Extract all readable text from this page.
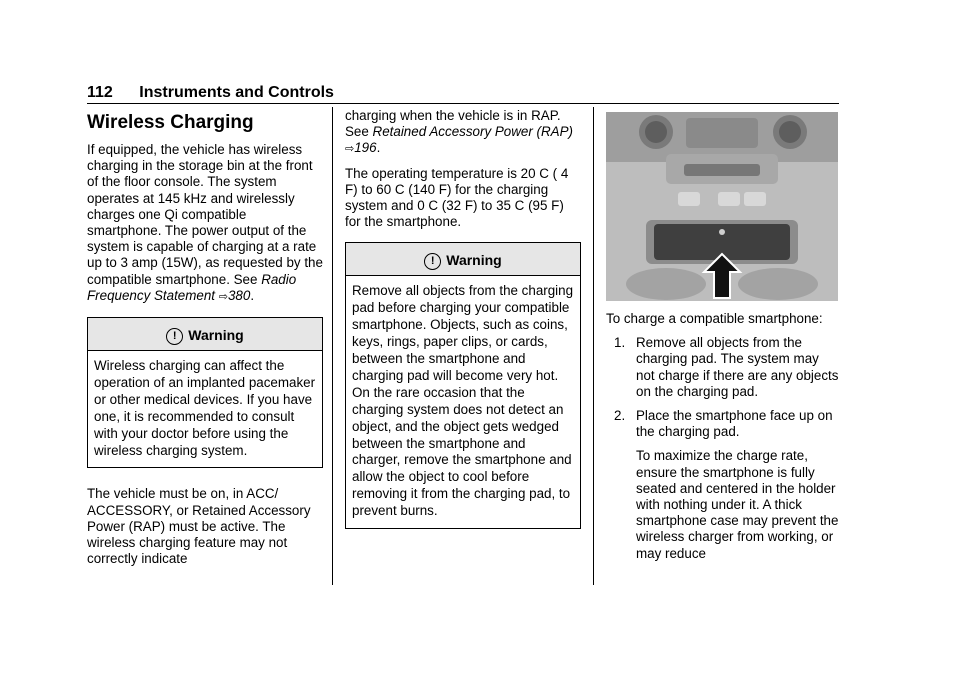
112 Instruments and Controls
Wireless Charging

If equipped, the vehicle has wireless charging in the storage bin at the front of the floor console. The system operates at 145 kHz and wirelessly charges one Qi compatible smartphone. The power output of the system is capable of charging at a rate up to 3 amp (15W), as requested by the compatible smartphone. See Radio Frequency Statement ⇨380.

! Warning
Wireless charging can affect the operation of an implanted pacemaker or other medical devices. If you have one, it is recommended to consult with your doctor before using the wireless charging system.

The vehicle must be on, in ACC/ ACCESSORY, or Retained Accessory Power (RAP) must be active. The wireless charging feature may not correctly indicate

charging when the vehicle is in RAP. See Retained Accessory Power (RAP) ⇨196.

The operating temperature is 20 C ( 4 F) to 60 C (140 F) for the charging system and 0 C (32 F) to 35 C (95 F) for the smartphone.

! Warning
Remove all objects from the charging pad before charging your compatible smartphone. Objects, such as coins, keys, rings, paper clips, or cards, between the smartphone and charging pad will become very hot. On the rare occasion that the charging system does not detect an object, and the object gets wedged between the smartphone and charger, remove the smartphone and allow the object to cool before removing it from the charging pad, to prevent burns.

To charge a compatible smartphone:

1. Remove all objects from the charging pad. The system may not charge if there are any objects on the charging pad.

2. Place the smartphone face up on the charging pad.

To maximize the charge rate, ensure the smartphone is fully seated and centered in the holder with nothing under it. A thick smartphone case may prevent the wireless charger from working, or may reduce
